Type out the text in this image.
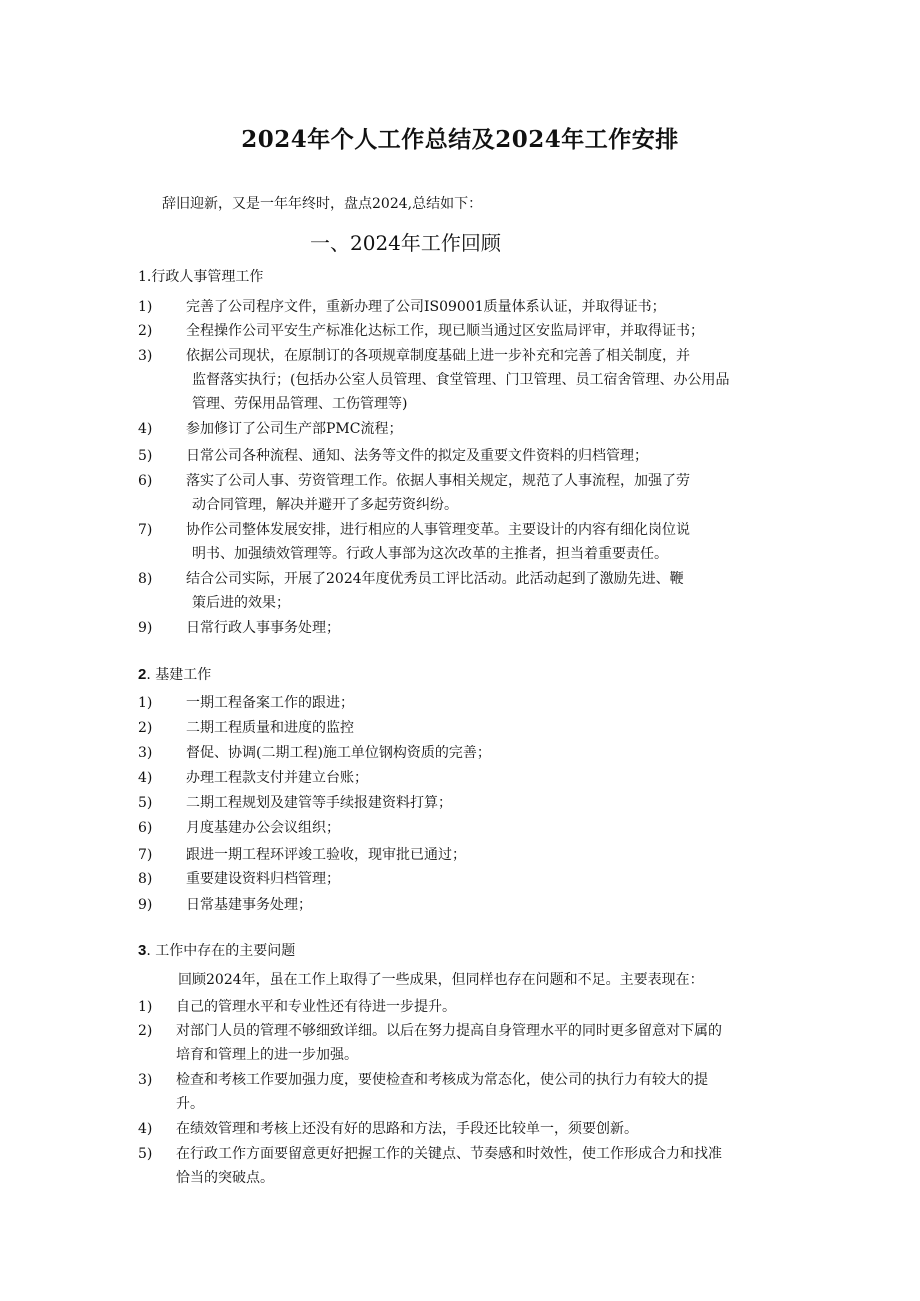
2024年个人工作总结及2024年工作安排
辞旧迎新，又是一年年终时，盘点2024,总结如下：
一、2024年工作回顾
1.行政人事管理工作
1) 完善了公司程序文件，重新办理了公司IS09001质量体系认证，并取得证书；
2) 全程操作公司平安生产标准化达标工作，现已顺当通过区安监局评审，并取得证书；
3) 依据公司现状，在原制订的各项规章制度基础上进一步补充和完善了相关制度，并
监督落实执行；(包括办公室人员管理、食堂管理、门卫管理、员工宿舍管理、办公用品
管理、劳保用品管理、工伤管理等)
4) 参加修订了公司生产部PMC流程；
5) 日常公司各种流程、通知、法务等文件的拟定及重要文件资料的归档管理；
6) 落实了公司人事、劳资管理工作。依据人事相关规定，规范了人事流程，加强了劳
动合同管理，解决并避开了多起劳资纠纷。
7) 协作公司整体发展安排，进行相应的人事管理变革。主要设计的内容有细化岗位说
明书、加强绩效管理等。行政人事部为这次改革的主推者，担当着重要责任。
8) 结合公司实际，开展了2024年度优秀员工评比活动。此活动起到了激励先进、鞭
策后进的效果；
9) 日常行政人事事务处理；
2. 基建工作
1) 一期工程备案工作的跟进；
2) 二期工程质量和进度的监控
3) 督促、协调(二期工程)施工单位钢构资质的完善；
4) 办理工程款支付并建立台账；
5) 二期工程规划及建管等手续报建资料打算；
6) 月度基建办公会议组织；
7) 跟进一期工程环评竣工验收，现审批已通过；
8) 重要建设资料归档管理；
9) 日常基建事务处理；
3. 工作中存在的主要问题
回顾2024年，虽在工作上取得了一些成果，但同样也存在问题和不足。主要表现在：
1) 自己的管理水平和专业性还有待进一步提升。
2) 对部门人员的管理不够细致详细。以后在努力提高自身管理水平的同时更多留意对下属的
培育和管理上的进一步加强。
3) 检查和考核工作要加强力度，要使检查和考核成为常态化，使公司的执行力有较大的提
升。
4) 在绩效管理和考核上还没有好的思路和方法，手段还比较单一，须要创新。
5) 在行政工作方面要留意更好把握工作的关键点、节奏感和时效性，使工作形成合力和找准
恰当的突破点。
